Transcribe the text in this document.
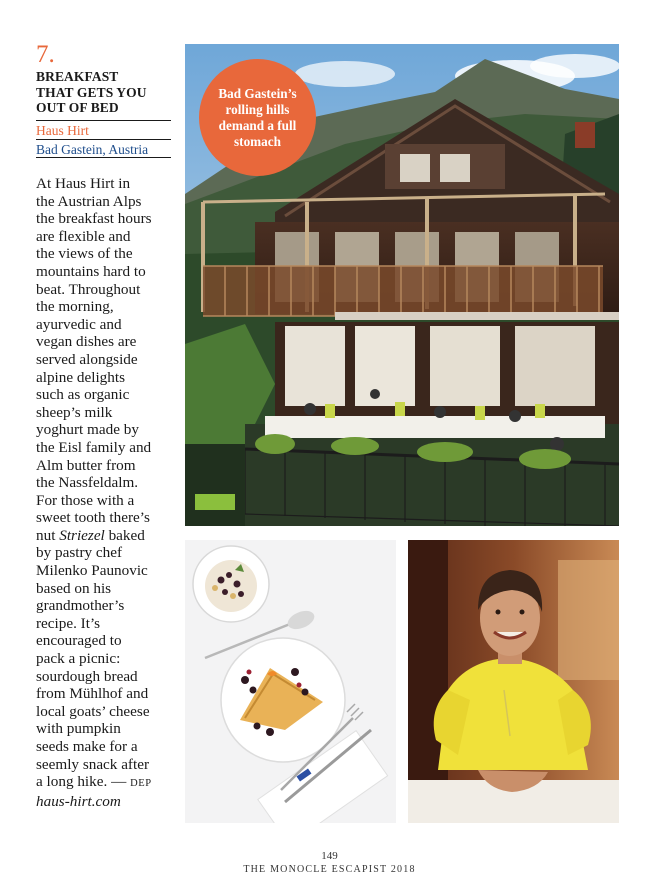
7.
BREAKFAST
THAT GETS YOU
OUT OF BED
Haus Hirt
Bad Gastein, Austria
At Haus Hirt in
the Austrian Alps
the breakfast hours
are flexible and
the views of the
mountains hard to
beat. Throughout
the morning,
ayurvedic and
vegan dishes are
served alongside
alpine delights
such as organic
sheep’s milk
yoghurt made by
the Eisl family and
Alm butter from
the Nassfeldalm.
For those with a
sweet tooth there’s
nut Striezel baked
by pastry chef
Milenko Paunovic
based on his
grandmother’s
recipe. It’s
encouraged to
pack a picnic:
sourdough bread
from Mühlhof and
local goats’ cheese
with pumpkin
seeds make for a
seemly snack after
a long hike. — DEP
haus-hirt.com
Bad Gastein’s rolling hills demand a full stomach
149
THE MONOCLE ESCAPIST 2018
